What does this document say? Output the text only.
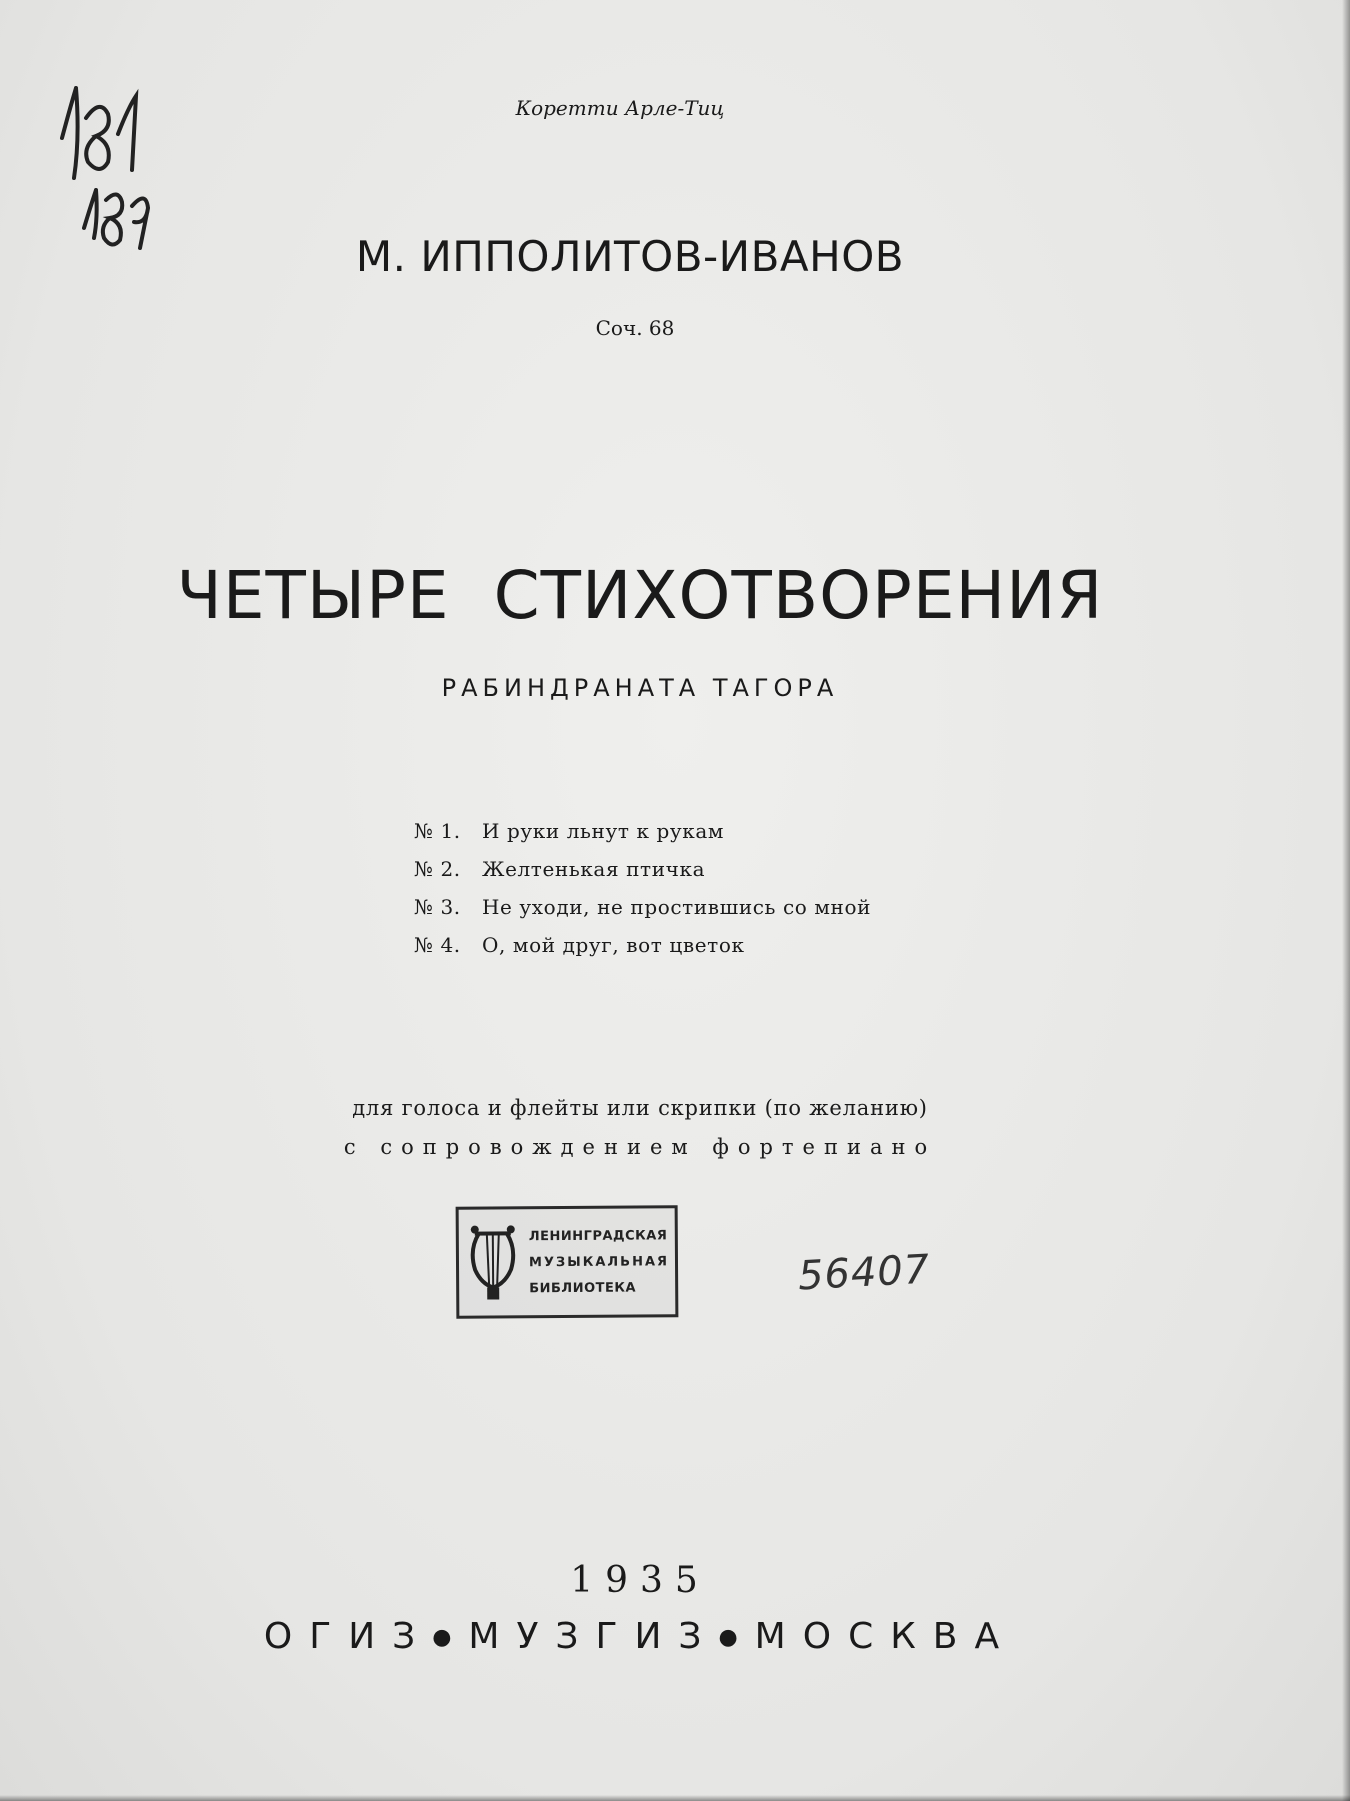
Коретти Арле-Тиц
М. ИППОЛИТОВ-ИВАНОВ
Соч. 68
ЧЕТЫРЕ СТИХОТВОРЕНИЯ
РАБИНДРАНАТА ТАГОРА
№ 1. И руки льнут к рукам
№ 2. Желтенькая птичка
№ 3. Не уходи, не простившись со мной
№ 4. О, мой друг, вот цветок
для голоса и флейты или скрипки (по желанию)
с сопровождением фортепиано
ЛЕНИНГРАДСКАЯ
МУЗЫКАЛЬНАЯ
БИБЛИОТЕКА	56407
1935
ОГИЗ●МУЗГИЗ●МОСКВА
